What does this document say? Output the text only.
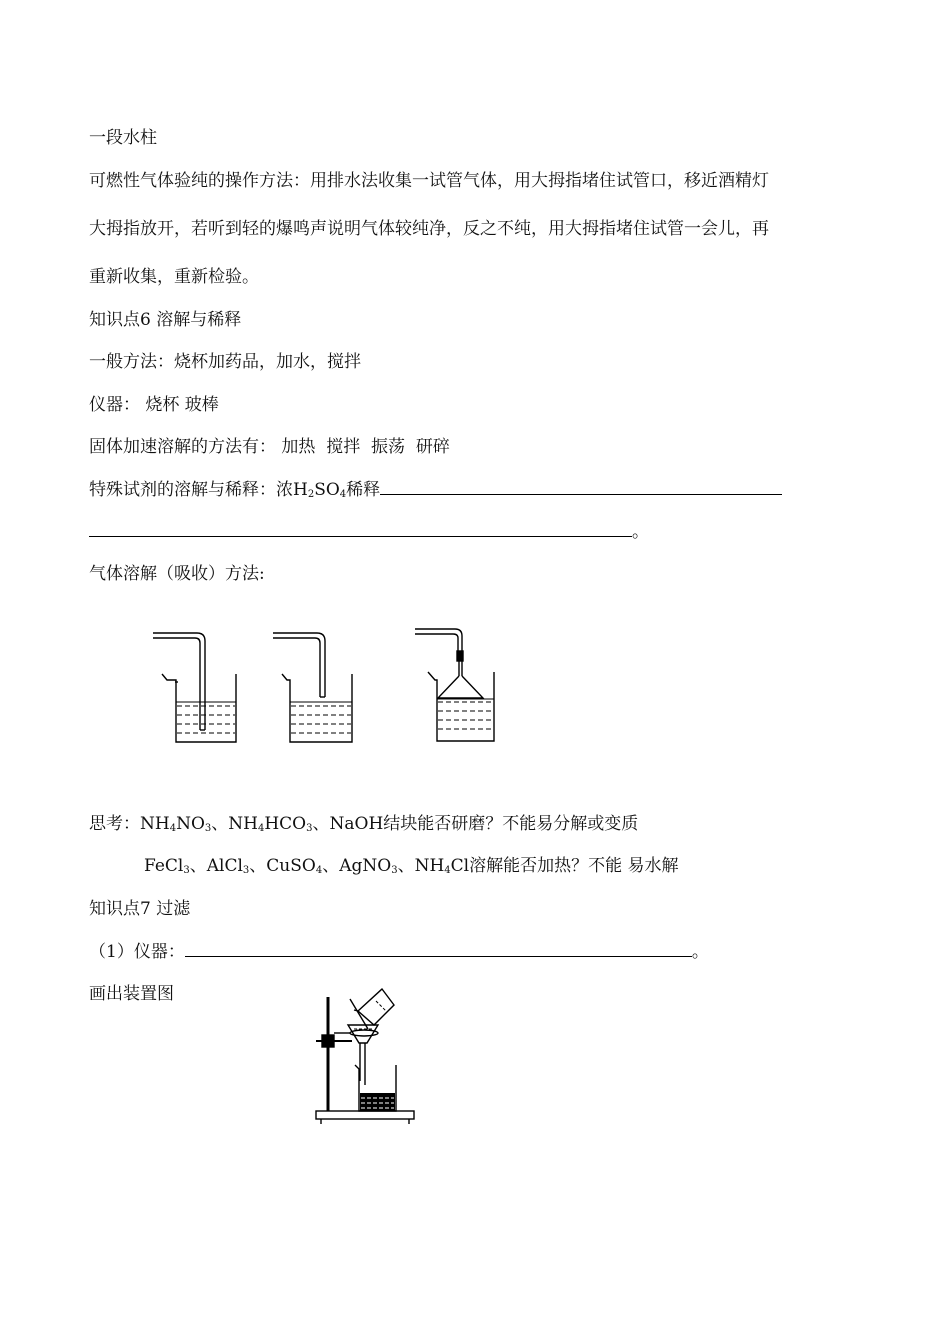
一段水柱
可燃性气体验纯的操作方法：用排水法收集一试管气体，用大拇指堵住试管口，移近酒精灯
大拇指放开，若听到轻的爆鸣声说明气体较纯净，反之不纯，用大拇指堵住试管一会儿，再
重新收集，重新检验。
知识点6 溶解与稀释
一般方法：烧杯加药品，加水，搅拌
仪器： 烧杯 玻棒
固体加速溶解的方法有： 加热  搅拌  振荡  研碎
特殊试剂的溶解与稀释：浓$H_2SO_4$稀释
。
气体溶解（吸收）方法:
思考：$NH_4NO_3$、$NH_4HCO_3$、NaOH结块能否研磨？不能易分解或变质
FeCl$_3$、AlCl$_3$、CuSO$_4$、AgNO$_3$、$NH_4Cl$溶解能否加热？不能 易水解
知识点7 过滤
（1）仪器：	。
画出装置图
